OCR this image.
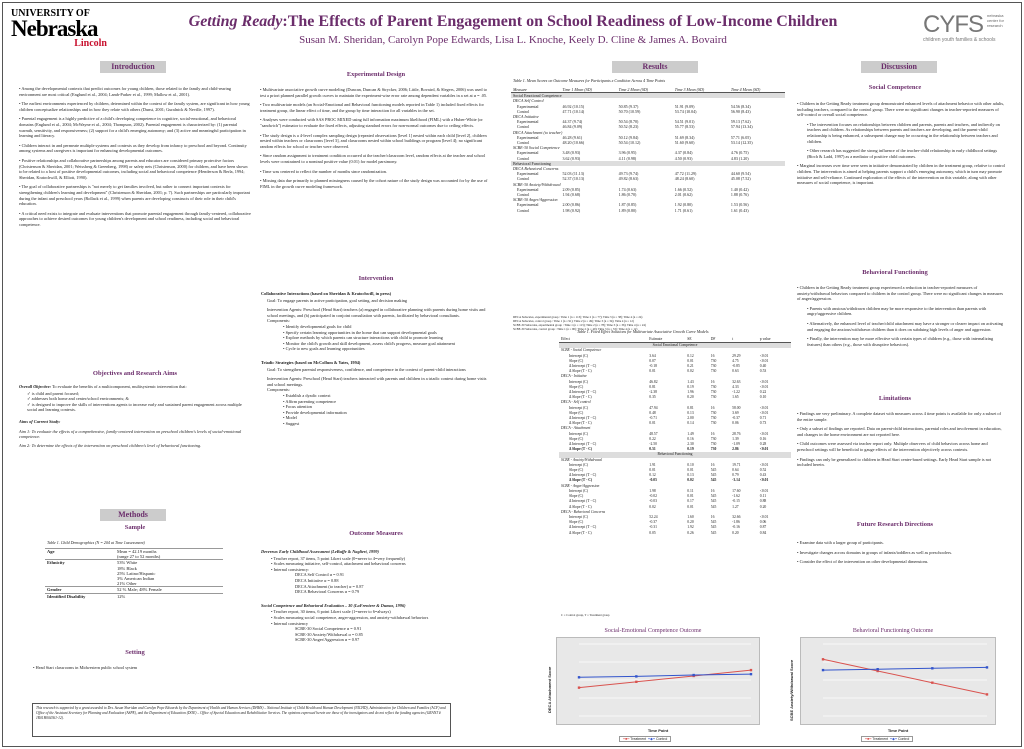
UNIVERSITY OF
Nebraska
Lincoln
Getting Ready:The Effects of Parent Engagement on School Readiness of Low-Income Children
Susan M. Sheridan, Carolyn Pope Edwards, Lisa L. Knoche, Keely D. Cline & James A. Bovaird
CYFS nebraska center for research
children youth families & schools
Introduction

• Among the developmental contexts that predict outcomes for young children, those related to the family and child-rearing environment are most critical (Englund et al., 2004; Lamb-Parker et al., 1999; Mallow et al., 2001).

• The earliest environments experienced by children, determined within the context of the family system, are significant in how young children conceptualize relationships and in how they relate with others (Dunst, 2001; Guralnick & Neville, 1997).

• Parental engagement is a highly predictive of a child's developing competence in cognitive, social-emotional, and behavioral domains (Englund et al., 2004; McWayne et al., 2004; Thompson, 2002). Parental engagement is characterized by: (1) parental warmth, sensitivity, and responsiveness; (2) support for a child's emerging autonomy; and (3) active and meaningful participation in learning and literacy.

• Children interact in and permeate multiple systems and contexts as they develop from infancy to preschool and beyond. Continuity among systems and caregivers is important for enhancing developmental outcomes.

• Positive relationships and collaborative partnerships among parents and educators are considered primary protective factors (Christenson & Sheridan, 2001; Weissberg & Greenberg, 1998) or safety nets (Christenson, 2000) for children, and have been shown to be related to a host of positive developmental outcomes, including social and behavioral competence (Henderson & Berla, 1994; Sheridan, Kratochwill, & Elliott, 1990).

• The goal of collaborative partnerships is "not merely to get families involved, but rather to connect important contexts for strengthening children's learning and development" (Christenson & Sheridan, 2001; p. 7). Such partnerships are particularly important during the infant and preschool years (Rollack et al., 1999) when parents are developing constructs of their role in their child's education.

• A critical need exists to integrate and evaluate interventions that promote parental engagement through family-centered, collaborative approaches to achieve desired outcomes for young children's development and school readiness, including social and behavioral competence.

Objectives and Research Aims

Overall Objective: To evaluate the benefits of a multicomponent, multisystemic intervention that:

✓ is child and parent focused;
✓ addresses both home and center/school environments; &
✓ is designed to improve the skills of interventions agents to increase early and sustained parent engagement across multiple social and learning contexts.

Aims of Current Study:

Aim 1: To evaluate the effects of a comprehensive, family-centered intervention on preschool children's levels of social-emotional competence.
Aim 2: To determine the effects of the intervention on preschool children's level of behavioral functioning.
Methods
Sample
Table 1. Child Demographics (N = 204 at Time 1assessment)
Age	Mean = 42.19 months
	(range 27 to 52 months)
Ethnicity	53% White
	18% Black
	25% Latino/Hispanic
	3% American Indian
	21% Other
Gender	52 % Male; 48% Female
Identified Disability	12%
Setting
• Head Start classrooms in Midwestern public school system
Experimental Design

• Multivariate associative growth curve modeling (Duncan, Duncan & Strycker, 2006; Little, Bovaird, & Slegers, 2006) was used to test a priori planned parallel growth curves to maintain the experiment-wise error rate among dependent variables in a set at α = .05.

• Two multivariate models (an Social-Emotional and Behavioral functioning models reported in Table 1) included fixed effects for treatment group, the linear effect of time, and the group by time interaction for all variables in the set.

• Analyses were conducted with SAS PROC MIXED using full information maximum likelihood (FIML) with a Huber-White (or "sandwich") estimator to evaluate the fixed effects, adjusting standard errors for non-normal outcomes due to ceiling effects.

• The study design is a 4-level complex sampling design (repeated observations [level 1] nested within each child [level 2], children nested within teachers or classrooms [level 3], and classrooms nested within school buildings or program [level 4]; no significant random effects for school or teacher were observed.

• Since random assignment to treatment condition occurred at the teacher/classroom level, random effects at the teacher and school levels were constrained to a nominal positive value (0.01) for model parsimony.

• Time was centered to reflect the number of months since randomization.

• Missing data due primarily to planned missingness caused by the cohort nature of the study design was accounted for by the use of FIML in the growth curve modeling framework.

Intervention

Collaborative Interactions (based on Sheridan & Kratochwill, in press)

Goal: To engage parents in active participation, goal setting, and decision making
Intervention Agents: Preschool (Head Start) teachers (a) engaged in collaborative planning with parents during home visits and school meetings, and (b) participated in conjoint consultation with parents, facilitated by behavioral consultants.
Components:
• Identify developmental goals for child
• Specify certain learning opportunities in the home that can support developmental goals
• Explore methods by which parents can structure interactions with child to promote learning
• Monitor the child's growth and skill development, assess child's progress, measure goal attainment
• Cycle to new goals and learning opportunities

Triadic Strategies (based on McCollum & Yates, 1994)

Goal: To strengthen parental responsiveness, confidence, and competence in the context of parent-child interactions
Intervention Agents: Preschool (Head Start) teachers interacted with parents and children in a triadic context during home visits and school meetings.
Components:
• Establish a dyadic context
• Affirm parenting competence
• Focus attention
• Provide developmental information
• Model
• Suggest
Outcome Measures

Devereux Early Childhood Assessment (LeBuffe & Naglieri, 1999)

• Teacher report, 37 items, 5 point Likert scale (0=never to 4=very frequently)
• Scales measuring initiative, self-control, attachment and behavioral concerns
• Internal consistency:
DECA Self Control α = 0.91
DECA Initiative α = 0.88
DECA Attachment (to teacher) α = 0.87
DECA Behavioral Concerns α = 0.79

Social Competence and Behavioral Evaluation – 30 (LaFreniere & Dumas, 1996)

• Teacher report, 30 items, 6 point Likert scale (1=never to 6=always)
• Scales measuring social competence, anger-aggression, and anxiety-withdrawal behaviors
• Internal consistency
SCBE-30 Social Competence α = 0.91
SCBE-30 Anxiety/Withdrawal α = 0.85
SCBE-30 Anger/Aggression α = 0.97
This research is supported by a grant awarded to Drs. Susan Sheridan and Carolyn Pope Edwards by the Department of Health and Human Services (DHHS) – National Institute of Child Health and Human Development (NICHD), Administration for Children and Families (ACF) and Office of the Assistant Secretary for Planning and Evaluation (ASPE), and the Department of Education (DOE) – Office of Special Education and Rehabilitative Services. The opinions expressed herein are those of the investigators and do not reflect the funding agencies (GRANT # 1R01H004361-12).
Results
Table 1. Mean Scores on Outcome Measures for Participants x Condition Across 4 Time Points
Measure	Time 1 Mean (SD)	Time 2 Mean (SD)	Time 3 Mean (SD)	Time 4 Mean (SD)
Social Emotional Competence				
DECA Self Control				
Experimental	46.92 (10.15)	50.85 (9.37)	51.91 (9.09)	54.56 (8.34)
Control	47.71 (10.14)	50.70 (10.59)	53.74 (10.04)	56.90 (8.43)
DECA Initiative				
Experimental	44.37 (9.74)	50.54 (8.70)	54.51 (9.01)	59.13 (7.62)
Control	46.84 (9.09)	50.52 (8.23)	55.77 (8.53)	57.94 (13.34)
DECA Attachment (to teacher)				
Experimental	46.28 (9.61)	50.12 (9.84)	51.69 (8.34)	57.71 (6.05)
Control	48.20 (10.66)	50.54 (10.12)	51.60 (9.60)	53.14 (12.35)
SCBE-30 Social Competence				
Experimental	3.48 (0.93)	3.96 (0.95)	4.37 (0.84)	4.76 (0.75)
Control	3.62 (0.93)	4.11 (0.98)	4.50 (0.93)	4.83 (1.20)
Behavioral Functioning				
DECA Behavioral Concerns				
Experimental	52.03 (11.13)	49.73 (9.74)	47.72 (11.29)	44.60 (9.54)
Control	52.37 (10.13)	49.82 (8.63)	48.24 (8.60)	45.08 (7.52)
SCBE-30 Anxiety/Withdrawal				
Experimental	2.09 (0.85)	1.74 (0.63)	1.66 (0.52)	1.40 (0.42)
Control	1.94 (0.68)	1.86 (0.70)	2.01 (0.62)	1.88 (0.76)
SCBE-30 Anger/Aggression				
Experimental	2.00 (0.86)	1.87 (0.85)	1.92 (0.80)	1.53 (0.56)
Control	1.98 (0.92)	1.89 (0.80)	1.71 (0.61)	1.61 (0.43)
DECA Subscales, experimental group : Time 1 (n = 113); Time 2 (n = 77); Time 3 (n = 38); Time 4 (n = 24)
DECA Subscales, control group : Time 1 (n = 91); Time 2 (n = 49); Time 3 (n = 34); Time 4 (n = 12)
SCBE-30 Subscales, experimental group : Time 1 (n = 113); Time 2 (n = 78); Time 3 (n = 36); Time 4 (n = 24)
SCBE-30 Subscales, control group : Time 1 (n = 90); Time 2 (n = 49); Time 3 (n = 33); Time 4 (n = 12)
Table 1. Fixed Effect Solutions for Multivariate Associative Growth Curve Models
Effect	Estimate	SE	DF	t	p value
Social Emotional Competence					
SCBE - Social Competence					
Intercept (C)	3.64	0.12	16	29.29	<0.01
Slope (C)	0.07	0.01	730	4.75	<0.01
Δ Intercept (T - C)	-0.18	0.21	730	-0.85	0.40
Δ Slope (T - C)	0.01	0.02	730	0.63	0.53
DECA - Initiative					
Intercept (C)	46.82	1.43	16	32.63	<0.01
Slope (C)	0.81	0.19	730	4.33	<0.01
Δ Intercept (T - C)	-2.38	1.96	730	-1.22	0.22
Δ Slope (T - C)	0.35	0.20	730	1.65	0.10
DECA - Self control					
Intercept (C)	47.94	0.81	16	58.00	<0.01
Slope (C)	0.48	0.13	730	3.69	<0.01
Δ Intercept (T - C)	-0.71	2.00	730	-0.37	0.71
Δ Slope (T - C)	0.01	0.14	730	0.06	0.73
DECA - Attachment					
Intercept (C)	48.57	1.49	16	28.76	<0.01
Slope (C)	0.22	0.16	730	1.39	0.16
Δ Intercept (T - C)	-2.50	2.30	730	-1.09	0.28
Δ Slope (T - C)	0.51	0.19	730	2.86	<0.01
Behavioral Functioning					
SCBE - Anxiety/Withdrawal					
Intercept (C)	1.91	0.10	16	19.71	<0.01
Slope (C)	0.01	0.01	545	0.64	0.52
Δ Intercept (T - C)	0.12	0.13	545	0.79	0.43
Δ Slope (T - C)	-0.05	0.02	545	-3.14	<0.01
SCBE - Anger/Aggression					
Intercept (C)	1.98	0.11	16	17.60	<0.01
Slope (C)	-0.02	0.01	545	-1.62	0.11
Δ Intercept (T - C)	-0.03	0.17	545	-0.15	0.88
Δ Slope (T - C)	0.02	0.01	545	1.27	0.20
DECA - Behavioral Concerns					
Intercept (C)	52.24	1.60	16	32.66	<0.01
Slope (C)	-0.37	0.20	545	-1.86	0.06
Δ Intercept (T - C)	-0.31	1.92	545	-0.16	0.87
Δ Slope (T - C)	0.05	0.26	545	0.20	0.84
C = Control group, T = Treatment group
Social-Emotional Competence Outcome
DECA Attachment Score
Time Point
━■━ Treatment ━◆━ Control
Behavioral Functioning Outcome
SCBE Anxiety/Withdrawal Score
Time Point
━■━ Treatment ━◆━ Control
Discussion
Social Competence

• Children in the Getting Ready treatment group demonstrated enhanced levels of attachment behavior with other adults, including teachers, compared to the control group. There were no significant changes in teacher-reported measures of self-control or overall social competence.

• The intervention focuses on relationships between children and parents, parents and teachers, and indirectly on teachers and children. As relationships between parents and teachers are developing, and the parent-child relationship is being enhanced, a subsequent change may be occurring in the relationship between teachers and children.

• Other research has suggested the strong influence of the teacher-child relationship in early childhood settings (Birch & Ladd, 1997) as a mediator of positive child outcomes.

• Marginal increases over time were seen in initiative demonstrated by children in the treatment group, relative to control children. The intervention is aimed at helping parents support a child's emerging autonomy, which in turn may promote initiative and self-reliance. Continued exploration of the effects of the intervention on this variable, along with other measures of social competence, is important.

Behavioral Functioning

• Children in the Getting Ready treatment group experienced a reduction in teacher-reported measures of anxiety/withdrawal behaviors compared to children in the control group. There were no significant changes in measures of anger/aggression.

• Parents with anxious/withdrawn children may be more responsive to the intervention than parents with angry/aggressive children.

• Alternatively, the enhanced level of teacher/child attachment may have a stronger or clearer impact on activating and engaging the anxious/withdrawn children than it does on subduing high levels of anger and aggression.

• Finally, the intervention may be more effective with certain types of children (e.g., those with internalizing features) than others (e.g., those with disruptive behaviors).

Limitations

• Findings are very preliminary. A complete dataset with measures across 4 time points is available for only a subset of the entire sample.

• Only a subset of findings are reported. Data on parent-child interactions, parental roles and involvement in education, and changes in the home environment are not reported here.

• Child outcomes were assessed via teacher report only. Multiple observers of child behaviors across home and preschool settings will be beneficial to gauge effects of the intervention objectively across contexts.

• Findings can only be generalized to children in Head Start center-based settings. Early Head Start sample is not included herein.

Future Research Directions

• Examine data with a larger group of participants.

• Investigate changes across domains in groups of infants/toddlers as well as preschoolers.

• Consider the effect of the intervention on other developmental dimensions.
